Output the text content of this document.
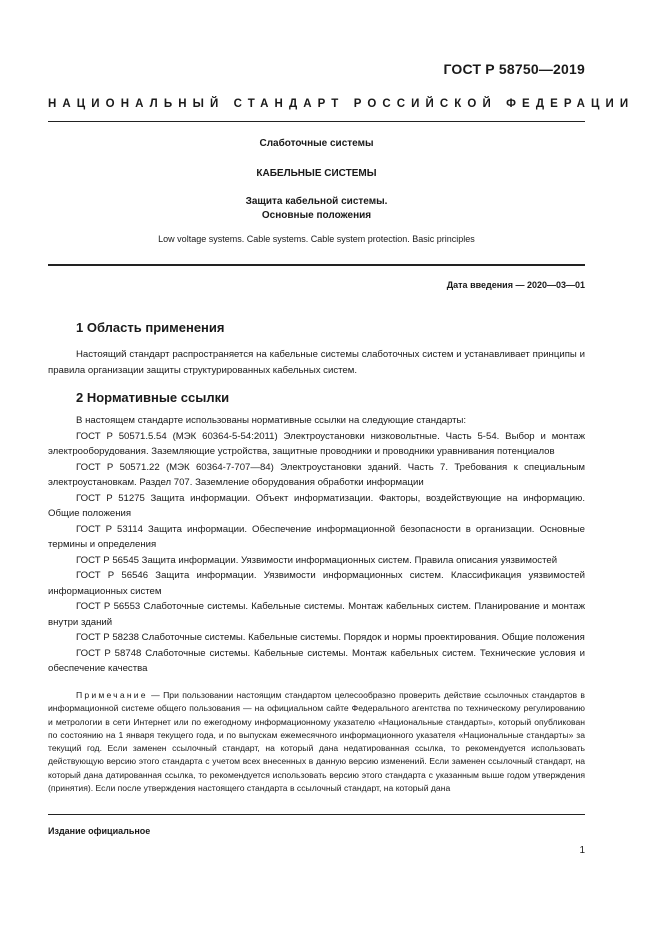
ГОСТ Р 58750—2019
НАЦИОНАЛЬНЫЙ СТАНДАРТ РОССИЙСКОЙ ФЕДЕРАЦИИ
Слаботочные системы
КАБЕЛЬНЫЕ СИСТЕМЫ
Защита кабельной системы.
Основные положения
Low voltage systems. Cable systems. Cable system protection. Basic principles
Дата введения — 2020—03—01
1 Область применения
Настоящий стандарт распространяется на кабельные системы слаботочных систем и устанавливает принципы и правила организации защиты структурированных кабельных систем.
2 Нормативные ссылки

В настоящем стандарте использованы нормативные ссылки на следующие стандарты:

ГОСТ Р 50571.5.54 (МЭК 60364-5-54:2011) Электроустановки низковольтные. Часть 5-54. Выбор и монтаж электрооборудования. Заземляющие устройства, защитные проводники и проводники уравнивания потенциалов

ГОСТ Р 50571.22 (МЭК 60364-7-707—84) Электроустановки зданий. Часть 7. Требования к специальным электроустановкам. Раздел 707. Заземление оборудования обработки информации

ГОСТ Р 51275 Защита информации. Объект информатизации. Факторы, воздействующие на информацию. Общие положения

ГОСТ Р 53114 Защита информации. Обеспечение информационной безопасности в организации. Основные термины и определения

ГОСТ Р 56545 Защита информации. Уязвимости информационных систем. Правила описания уязвимостей

ГОСТ Р 56546 Защита информации. Уязвимости информационных систем. Классификация уязвимостей информационных систем

ГОСТ Р 56553 Слаботочные системы. Кабельные системы. Монтаж кабельных систем. Планирование и монтаж внутри зданий

ГОСТ Р 58238 Слаботочные системы. Кабельные системы. Порядок и нормы проектирования. Общие положения

ГОСТ Р 58748 Слаботочные системы. Кабельные системы. Монтаж кабельных систем. Технические условия и обеспечение качества

Примечание — При пользовании настоящим стандартом целесообразно проверить действие ссылочных стандартов в информационной системе общего пользования — на официальном сайте Федерального агентства по техническому регулированию и метрологии в сети Интернет или по ежегодному информационному указателю «Национальные стандарты», который опубликован по состоянию на 1 января текущего года, и по выпускам ежемесячного информационного указателя «Национальные стандарты» за текущий год. Если заменен ссылочный стандарт, на который дана недатированная ссылка, то рекомендуется использовать действующую версию этого стандарта с учетом всех внесенных в данную версию изменений. Если заменен ссылочный стандарт, на который дана датированная ссылка, то рекомендуется использовать версию этого стандарта с указанным выше годом утверждения (принятия). Если после утверждения настоящего стандарта в ссылочный стандарт, на который дана
Издание официальное
1
